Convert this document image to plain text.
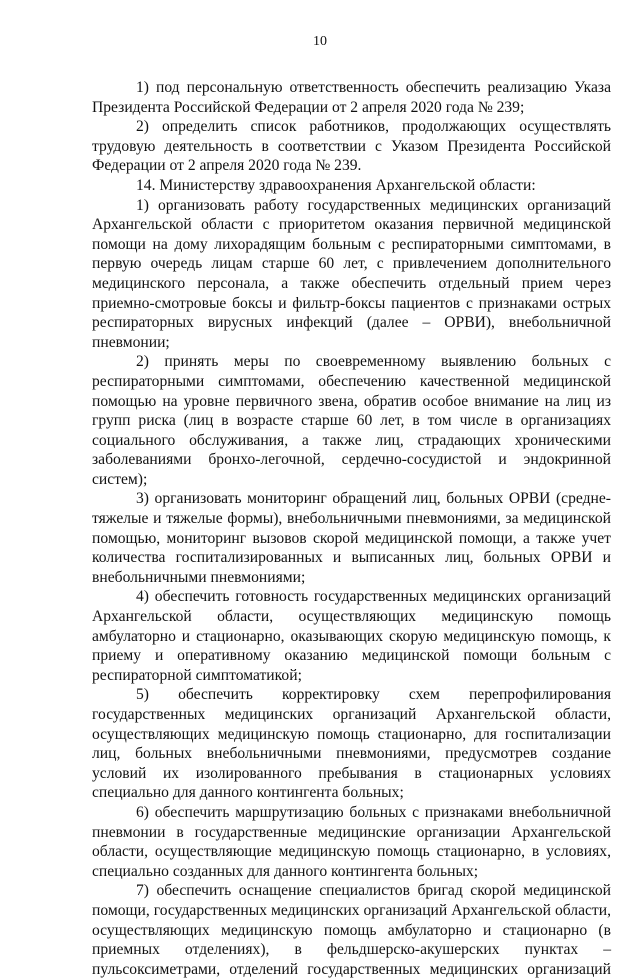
10

1) под персональную ответственность обеспечить реализацию Указа Президента Российской Федерации от 2 апреля 2020 года № 239;

2) определить список работников, продолжающих осуществлять трудовую деятельность в соответствии с Указом Президента Российской Федерации от 2 апреля 2020 года № 239.

14. Министерству здравоохранения Архангельской области:

1) организовать работу государственных медицинских организаций Архангельской области с приоритетом оказания первичной медицинской помощи на дому лихорадящим больным с респираторными симптомами, в первую очередь лицам старше 60 лет, с привлечением дополнительного медицинского персонала, а также обеспечить отдельный прием через приемно-смотровые боксы и фильтр-боксы пациентов с признаками острых респираторных вирусных инфекций (далее – ОРВИ), внебольничной пневмонии;

2) принять меры по своевременному выявлению больных с респираторными симптомами, обеспечению качественной медицинской помощью на уровне первичного звена, обратив особое внимание на лиц из групп риска (лиц в возрасте старше 60 лет, в том числе в организациях социального обслуживания, а также лиц, страдающих хроническими заболеваниями бронхо-легочной, сердечно-сосудистой и эндокринной систем);

3) организовать мониторинг обращений лиц, больных ОРВИ (средне-тяжелые и тяжелые формы), внебольничными пневмониями, за медицинской помощью, мониторинг вызовов скорой медицинской помощи, а также учет количества госпитализированных и выписанных лиц, больных ОРВИ и внебольничными пневмониями;

4) обеспечить готовность государственных медицинских организаций Архангельской области, осуществляющих медицинскую помощь амбулаторно и стационарно, оказывающих скорую медицинскую помощь, к приему и оперативному оказанию медицинской помощи больным с респираторной симптоматикой;

5) обеспечить корректировку схем перепрофилирования государственных медицинских организаций Архангельской области, осуществляющих медицинскую помощь стационарно, для госпитализации лиц, больных внебольничными пневмониями, предусмотрев создание условий их изолированного пребывания в стационарных условиях специально для данного контингента больных;

6) обеспечить маршрутизацию больных с признаками внебольничной пневмонии в государственные медицинские организации Архангельской области, осуществляющие медицинскую помощь стационарно, в условиях, специально созданных для данного контингента больных;

7) обеспечить оснащение специалистов бригад скорой медицинской помощи, государственных медицинских организаций Архангельской области, осуществляющих медицинскую помощь амбулаторно и стационарно (в приемных отделениях), в фельдшерско-акушерских пунктах – пульсоксиметрами, отделений государственных медицинских организаций
